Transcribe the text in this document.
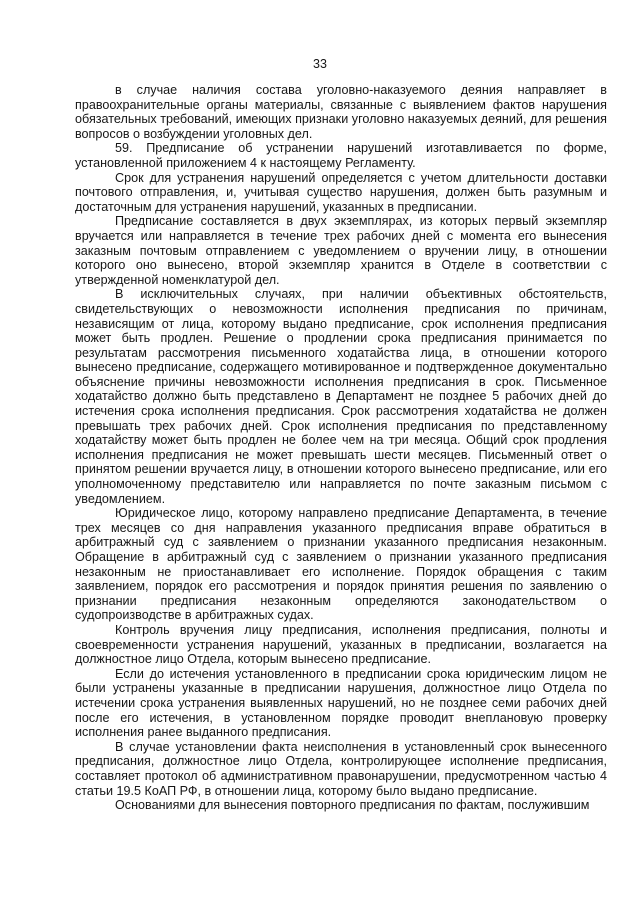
33

в случае наличия состава уголовно-наказуемого деяния направляет в правоохранительные органы материалы, связанные с выявлением фактов нарушения обязательных требований, имеющих признаки уголовно наказуемых деяний, для решения вопросов о возбуждении уголовных дел.

59. Предписание об устранении нарушений изготавливается по форме, установленной приложением 4 к настоящему Регламенту.

Срок для устранения нарушений определяется с учетом длительности доставки почтового отправления, и, учитывая существо нарушения, должен быть разумным и достаточным для устранения нарушений, указанных в предписании.

Предписание составляется в двух экземплярах, из которых первый экземпляр вручается или направляется в течение трех рабочих дней с момента его вынесения заказным почтовым отправлением с уведомлением о вручении лицу, в отношении которого оно вынесено, второй экземпляр хранится в Отделе в соответствии с утвержденной номенклатурой дел.

В исключительных случаях, при наличии объективных обстоятельств, свидетельствующих о невозможности исполнения предписания по причинам, независящим от лица, которому выдано предписание, срок исполнения предписания может быть продлен. Решение о продлении срока предписания принимается по результатам рассмотрения письменного ходатайства лица, в отношении которого вынесено предписание, содержащего мотивированное и подтвержденное документально объяснение причины невозможности исполнения предписания в срок. Письменное ходатайство должно быть представлено в Департамент не позднее 5 рабочих дней до истечения срока исполнения предписания. Срок рассмотрения ходатайства не должен превышать трех рабочих дней. Срок исполнения предписания по представленному ходатайству может быть продлен не более чем на три месяца. Общий срок продления исполнения предписания не может превышать шести месяцев. Письменный ответ о принятом решении вручается лицу, в отношении которого вынесено предписание, или его уполномоченному представителю или направляется по почте заказным письмом с уведомлением.

Юридическое лицо, которому направлено предписание Департамента, в течение трех месяцев со дня направления указанного предписания вправе обратиться в арбитражный суд с заявлением о признании указанного предписания незаконным. Обращение в арбитражный суд с заявлением о признании указанного предписания незаконным не приостанавливает его исполнение. Порядок обращения с таким заявлением, порядок его рассмотрения и порядок принятия решения по заявлению о признании предписания незаконным определяются законодательством о судопроизводстве в арбитражных судах.

Контроль вручения лицу предписания, исполнения предписания, полноты и своевременности устранения нарушений, указанных в предписании, возлагается на должностное лицо Отдела, которым вынесено предписание.

Если до истечения установленного в предписании срока юридическим лицом не были устранены указанные в предписании нарушения, должностное лицо Отдела по истечении срока устранения выявленных нарушений, но не позднее семи рабочих дней после его истечения, в установленном порядке проводит внеплановую проверку исполнения ранее выданного предписания.

В случае установлении факта неисполнения в установленный срок вынесенного предписания, должностное лицо Отдела, контролирующее исполнение предписания, составляет протокол об административном правонарушении, предусмотренном частью 4 статьи 19.5 КоАП РФ, в отношении лица, которому было выдано предписание.

Основаниями для вынесения повторного предписания по фактам, послужившим
